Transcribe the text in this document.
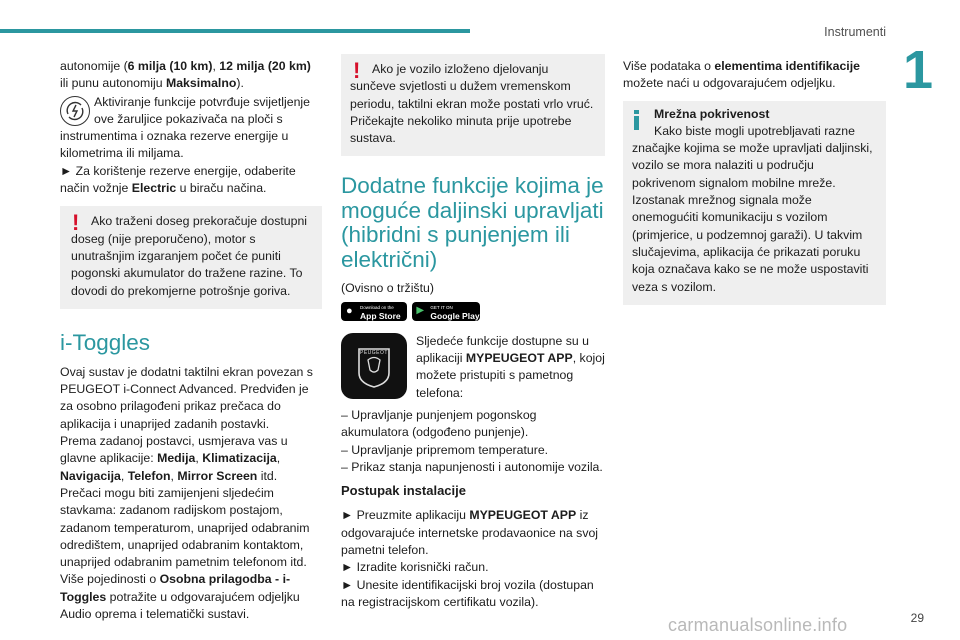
Instrumenti
1

autonomije (6 milja (10 km), 12 milja (20 km) ili punu autonomiju Maksimalno).

Aktiviranje funkcije potvrđuje svijetljenje ove žaruljice pokazivača na ploči s instrumentima i oznaka rezerve energije u kilometrima ili miljama.

► Za korištenje rezerve energije, odaberite način vožnje Electric u biraču načina.

! Ako traženi doseg prekoračuje dostupni doseg (nije preporučeno), motor s unutrašnjim izgaranjem počet će puniti pogonski akumulator do tražene razine. To dovodi do prekomjerne potrošnje goriva.

i-Toggles

Ovaj sustav je dodatni taktilni ekran povezan s PEUGEOT i-Connect Advanced. Predviđen je za osobno prilagođeni prikaz prečaca do aplikacija i unaprijed zadanih postavki.

Prema zadanoj postavci, usmjerava vas u glavne aplikacije: Medija, Klimatizacija, Navigacija, Telefon, Mirror Screen itd.

Prečaci mogu biti zamijenjeni sljedećim stavkama: zadanom radijskom postajom, zadanom temperaturom, unaprijed odabranim odredištem, unaprijed odabranim kontaktom, unaprijed odabranim pametnim telefonom itd.

Više pojedinosti o Osobna prilagodba - i-Toggles potražite u odgovarajućem odjeljku Audio oprema i telematički sustavi.

! Ako je vozilo izloženo djelovanju sunčeve svjetlosti u dužem vremenskom periodu, taktilni ekran može postati vrlo vruć.

Pričekajte nekoliko minuta prije upotrebe sustava.

Dodatne funkcije kojima je moguće daljinski upravljati (hibridni s punjenjem ili električni)

(Ovisno o tržištu)

● Download on the
App Store
▶ GET IT ON
Google Play
PEUGEOT

Sljedeće funkcije dostupne su u aplikaciji MYPEUGEOT APP, kojoj možete pristupiti s pametnog telefona:

– Upravljanje punjenjem pogonskog akumulatora (odgođeno punjenje).

– Upravljanje pripremom temperature.

– Prikaz stanja napunjenosti i autonomije vozila.

Postupak instalacije

► Preuzmite aplikaciju MYPEUGEOT APP iz odgovarajuće internetske prodavaonice na svoj pametni telefon.

► Izradite korisnički račun.

► Unesite identifikacijski broj vozila (dostupan na registracijskom certifikatu vozila).

Više podataka o elementima identifikacije možete naći u odgovarajućem odjeljku.

Mrežna pokrivenost

Kako biste mogli upotrebljavati razne značajke kojima se može upravljati daljinski, vozilo se mora nalaziti u području pokrivenom signalom mobilne mreže.

Izostanak mrežnog signala može onemogućiti komunikaciju s vozilom (primjerice, u podzemnoj garaži). U takvim slučajevima, aplikacija će prikazati poruku koja označava kako se ne može uspostaviti veza s vozilom.

29
carmanualsonline.info
